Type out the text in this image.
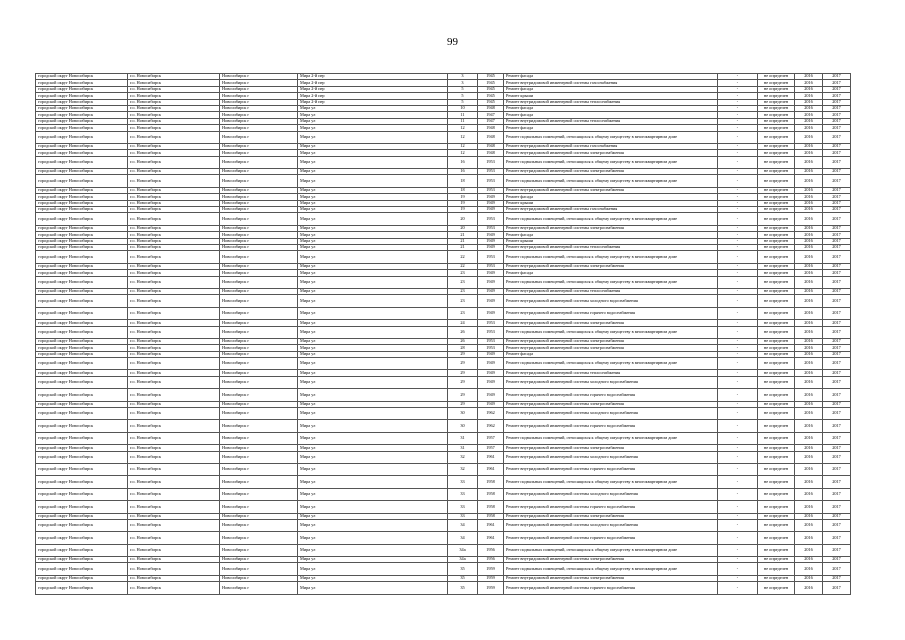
99
городской округ Новосибирск	г.о. Новосибирск	Новосибирск г	Мира 2-й пер	3	1945	Ремонт фасада	-	не определен	2016	2017
городской округ Новосибирск	г.о. Новосибирск	Новосибирск г	Мира 2-й пер	3	1945	Ремонт внутридомовой инженерной системы газоснабжения	-	не определен	2016	2017
городской округ Новосибирск	г.о. Новосибирск	Новосибирск г	Мира 2-й пер	5	1945	Ремонт фасада	-	не определен	2016	2017
городской округ Новосибирск	г.о. Новосибирск	Новосибирск г	Мира 2-й пер	5	1945	Ремонт крыши	-	не определен	2016	2017
городской округ Новосибирск	г.о. Новосибирск	Новосибирск г	Мира 2-й пер	5	1945	Ремонт внутридомовой инженерной системы теплоснабжения	-	не определен	2016	2017
городской округ Новосибирск	г.о. Новосибирск	Новосибирск г	Мира ул	10	1948	Ремонт фасада	-	не определен	2016	2017
городской округ Новосибирск	г.о. Новосибирск	Новосибирск г	Мира ул	11	1947	Ремонт фасада	-	не определен	2016	2017
городской округ Новосибирск	г.о. Новосибирск	Новосибирск г	Мира ул	11	1947	Ремонт внутридомовой инженерной системы теплоснабжения	-	не определен	2016	2017
городской округ Новосибирск	г.о. Новосибирск	Новосибирск г	Мира ул	12	1948	Ремонт фасада	-	не определен	2016	2017
городской округ Новосибирск	г.о. Новосибирск	Новосибирск г	Мира ул	12	1948	Ремонт подвальных помещений, относящихся к общему имуществу в многоквартирном доме	-	не определен	2016	2017
городской округ Новосибирск	г.о. Новосибирск	Новосибирск г	Мира ул	12	1948	Ремонт внутридомовой инженерной системы газоснабжения	-	не определен	2016	2017
городской округ Новосибирск	г.о. Новосибирск	Новосибирск г	Мира ул	12	1948	Ремонт внутридомовой инженерной системы электроснабжения	-	не определен	2016	2017
городской округ Новосибирск	г.о. Новосибирск	Новосибирск г	Мира ул	16	1953	Ремонт подвальных помещений, относящихся к общему имуществу в многоквартирном доме	-	не определен	2016	2017
городской округ Новосибирск	г.о. Новосибирск	Новосибирск г	Мира ул	16	1953	Ремонт внутридомовой инженерной системы электроснабжения	-	не определен	2016	2017
городской округ Новосибирск	г.о. Новосибирск	Новосибирск г	Мира ул	18	1953	Ремонт подвальных помещений, относящихся к общему имуществу в многоквартирном доме	-	не определен	2016	2017
городской округ Новосибирск	г.о. Новосибирск	Новосибирск г	Мира ул	18	1953	Ремонт внутридомовой инженерной системы электроснабжения	-	не определен	2016	2017
городской округ Новосибирск	г.о. Новосибирск	Новосибирск г	Мира ул	19	1949	Ремонт фасада	-	не определен	2016	2017
городской округ Новосибирск	г.о. Новосибирск	Новосибирск г	Мира ул	19	1949	Ремонт крыши	-	не определен	2016	2017
городской округ Новосибирск	г.о. Новосибирск	Новосибирск г	Мира ул	19	1949	Ремонт внутридомовой инженерной системы газоснабжения	-	не определен	2016	2017
городской округ Новосибирск	г.о. Новосибирск	Новосибирск г	Мира ул	20	1953	Ремонт подвальных помещений, относящихся к общему имуществу в многоквартирном доме	-	не определен	2016	2017
городской округ Новосибирск	г.о. Новосибирск	Новосибирск г	Мира ул	20	1953	Ремонт внутридомовой инженерной системы электроснабжения	-	не определен	2016	2017
городской округ Новосибирск	г.о. Новосибирск	Новосибирск г	Мира ул	21	1949	Ремонт фасада	-	не определен	2016	2017
городской округ Новосибирск	г.о. Новосибирск	Новосибирск г	Мира ул	21	1949	Ремонт крыши	-	не определен	2016	2017
городской округ Новосибирск	г.о. Новосибирск	Новосибирск г	Мира ул	21	1949	Ремонт внутридомовой инженерной системы теплоснабжения	-	не определен	2016	2017
городской округ Новосибирск	г.о. Новосибирск	Новосибирск г	Мира ул	22	1953	Ремонт подвальных помещений, относящихся к общему имуществу в многоквартирном доме	-	не определен	2016	2017
городской округ Новосибирск	г.о. Новосибирск	Новосибирск г	Мира ул	22	1953	Ремонт внутридомовой инженерной системы электроснабжения	-	не определен	2016	2017
городской округ Новосибирск	г.о. Новосибирск	Новосибирск г	Мира ул	23	1949	Ремонт фасада	-	не определен	2016	2017
городской округ Новосибирск	г.о. Новосибирск	Новосибирск г	Мира ул	23	1949	Ремонт подвальных помещений, относящихся к общему имуществу в многоквартирном доме	-	не определен	2016	2017
городской округ Новосибирск	г.о. Новосибирск	Новосибирск г	Мира ул	23	1949	Ремонт внутридомовой инженерной системы теплоснабжения	-	не определен	2016	2017
городской округ Новосибирск	г.о. Новосибирск	Новосибирск г	Мира ул	23	1949	Ремонт внутридомовой инженерной системы холодного водоснабжения	-	не определен	2016	2017
городской округ Новосибирск	г.о. Новосибирск	Новосибирск г	Мира ул	23	1949	Ремонт внутридомовой инженерной системы горячего водоснабжения	-	не определен	2016	2017
городской округ Новосибирск	г.о. Новосибирск	Новосибирск г	Мира ул	24	1953	Ремонт внутридомовой инженерной системы электроснабжения	-	не определен	2016	2017
городской округ Новосибирск	г.о. Новосибирск	Новосибирск г	Мира ул	26	1953	Ремонт подвальных помещений, относящихся к общему имуществу в многоквартирном доме	-	не определен	2016	2017
городской округ Новосибирск	г.о. Новосибирск	Новосибирск г	Мира ул	26	1953	Ремонт внутридомовой инженерной системы электроснабжения	-	не определен	2016	2017
городской округ Новосибирск	г.о. Новосибирск	Новосибирск г	Мира ул	28	1953	Ремонт внутридомовой инженерной системы электроснабжения	-	не определен	2016	2017
городской округ Новосибирск	г.о. Новосибирск	Новосибирск г	Мира ул	29	1949	Ремонт фасада	-	не определен	2016	2017
городской округ Новосибирск	г.о. Новосибирск	Новосибирск г	Мира ул	29	1949	Ремонт подвальных помещений, относящихся к общему имуществу в многоквартирном доме	-	не определен	2016	2017
городской округ Новосибирск	г.о. Новосибирск	Новосибирск г	Мира ул	29	1949	Ремонт внутридомовой инженерной системы теплоснабжения	-	не определен	2016	2017
городской округ Новосибирск	г.о. Новосибирск	Новосибирск г	Мира ул	29	1949	Ремонт внутридомовой инженерной системы холодного водоснабжения	-	не определен	2016	2017
городской округ Новосибирск	г.о. Новосибирск	Новосибирск г	Мира ул	29	1949	Ремонт внутридомовой инженерной системы горячего водоснабжения	-	не определен	2016	2017
городской округ Новосибирск	г.о. Новосибирск	Новосибирск г	Мира ул	29	1949	Ремонт внутридомовой инженерной системы электроснабжения	-	не определен	2016	2017
городской округ Новосибирск	г.о. Новосибирск	Новосибирск г	Мира ул	30	1962	Ремонт внутридомовой инженерной системы холодного водоснабжения	-	не определен	2016	2017
городской округ Новосибирск	г.о. Новосибирск	Новосибирск г	Мира ул	30	1962	Ремонт внутридомовой инженерной системы горячего водоснабжения	-	не определен	2016	2017
городской округ Новосибирск	г.о. Новосибирск	Новосибирск г	Мира ул	31	1957	Ремонт подвальных помещений, относящихся к общему имуществу в многоквартирном доме	-	не определен	2016	2017
городской округ Новосибирск	г.о. Новосибирск	Новосибирск г	Мира ул	31	1957	Ремонт внутридомовой инженерной системы электроснабжения	-	не определен	2016	2017
городской округ Новосибирск	г.о. Новосибирск	Новосибирск г	Мира ул	32	1961	Ремонт внутридомовой инженерной системы холодного водоснабжения	-	не определен	2016	2017
городской округ Новосибирск	г.о. Новосибирск	Новосибирск г	Мира ул	32	1961	Ремонт внутридомовой инженерной системы горячего водоснабжения	-	не определен	2016	2017
городской округ Новосибирск	г.о. Новосибирск	Новосибирск г	Мира ул	33	1958	Ремонт подвальных помещений, относящихся к общему имуществу в многоквартирном доме	-	не определен	2016	2017
городской округ Новосибирск	г.о. Новосибирск	Новосибирск г	Мира ул	33	1958	Ремонт внутридомовой инженерной системы холодного водоснабжения	-	не определен	2016	2017
городской округ Новосибирск	г.о. Новосибирск	Новосибирск г	Мира ул	33	1958	Ремонт внутридомовой инженерной системы горячего водоснабжения	-	не определен	2016	2017
городской округ Новосибирск	г.о. Новосибирск	Новосибирск г	Мира ул	33	1958	Ремонт внутридомовой инженерной системы электроснабжения	-	не определен	2016	2017
городской округ Новосибирск	г.о. Новосибирск	Новосибирск г	Мира ул	34	1961	Ремонт внутридомовой инженерной системы холодного водоснабжения	-	не определен	2016	2017
городской округ Новосибирск	г.о. Новосибирск	Новосибирск г	Мира ул	34	1961	Ремонт внутридомовой инженерной системы горячего водоснабжения	-	не определен	2016	2017
городской округ Новосибирск	г.о. Новосибирск	Новосибирск г	Мира ул	34а	1956	Ремонт подвальных помещений, относящихся к общему имуществу в многоквартирном доме	-	не определен	2016	2017
городской округ Новосибирск	г.о. Новосибирск	Новосибирск г	Мира ул	34а	1956	Ремонт внутридомовой инженерной системы электроснабжения	-	не определен	2016	2017
городской округ Новосибирск	г.о. Новосибирск	Новосибирск г	Мира ул	35	1959	Ремонт подвальных помещений, относящихся к общему имуществу в многоквартирном доме	-	не определен	2016	2017
городской округ Новосибирск	г.о. Новосибирск	Новосибирск г	Мира ул	35	1959	Ремонт внутридомовой инженерной системы электроснабжения	-	не определен	2016	2017
городской округ Новосибирск	г.о. Новосибирск	Новосибирск г	Мира ул	35	1959	Ремонт внутридомовой инженерной системы горячего водоснабжения	-	не определен	2016	2017
